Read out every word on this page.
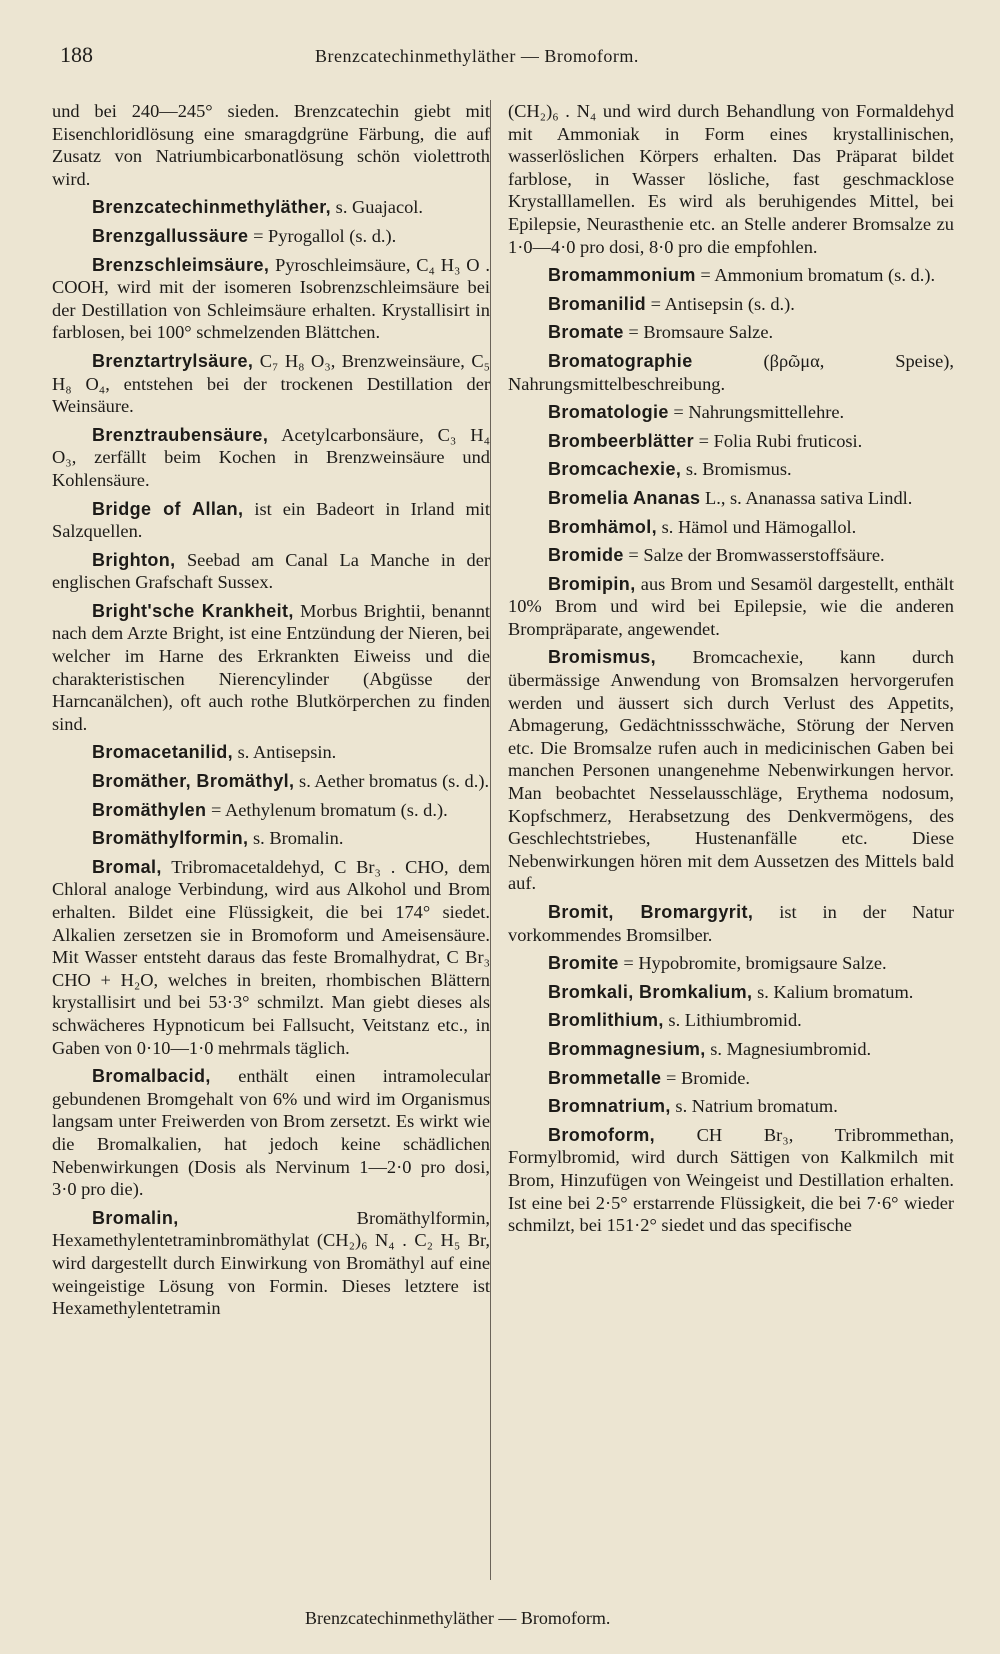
188	Brenzcatechinmethyläther — Bromoform.

und bei 240—245° sieden. Brenzcatechin giebt mit Eisenchloridlösung eine smaragdgrüne Färbung, die auf Zusatz von Natriumbicarbonatlösung schön violettroth wird.

Brenzcatechinmethyläther, s. Guajacol.

Brenzgallussäure = Pyrogallol (s. d.).

Brenzschleimsäure, Pyroschleimsäure, C₄ H₃ O . COOH, wird mit der isomeren Isobrenzschleimsäure bei der Destillation von Schleimsäure erhalten. Krystallisirt in farblosen, bei 100° schmelzenden Blättchen.

Brenztartrylsäure, C₇ H₈ O₃, Brenzweinsäure, C₅ H₈ O₄, entstehen bei der trockenen Destillation der Weinsäure.

Brenztraubensäure, Acetylcarbonsäure, C₃ H₄ O₃, zerfällt beim Kochen in Brenzweinsäure und Kohlensäure.

Bridge of Allan, ist ein Badeort in Irland mit Salzquellen.

Brighton, Seebad am Canal La Manche in der englischen Grafschaft Sussex.

Bright'sche Krankheit, Morbus Brightii, benannt nach dem Arzte Bright, ist eine Entzündung der Nieren, bei welcher im Harne des Erkrankten Eiweiss und die charakteristischen Nierencylinder (Abgüsse der Harncanälchen), oft auch rothe Blutkörperchen zu finden sind.

Bromacetanilid, s. Antisepsin.

Bromäther, Bromäthyl, s. Aether bromatus (s. d.).

Bromäthylen = Aethylenum bromatum (s. d.).

Bromäthylformin, s. Bromalin.

Bromal, Tribromacetaldehyd, C Br₃ . CHO, dem Chloral analoge Verbindung, wird aus Alkohol und Brom erhalten. Bildet eine Flüssigkeit, die bei 174° siedet. Alkalien zersetzen sie in Bromoform und Ameisensäure. Mit Wasser entsteht daraus das feste Bromalhydrat, C Br₃ CHO + H₂O, welches in breiten, rhombischen Blättern krystallisirt und bei 53·3° schmilzt. Man giebt dieses als schwächeres Hypnoticum bei Fallsucht, Veitstanz etc., in Gaben von 0·10—1·0 mehrmals täglich.

Bromalbacid, enthält einen intramolecular gebundenen Bromgehalt von 6% und wird im Organismus langsam unter Freiwerden von Brom zersetzt. Es wirkt wie die Bromalkalien, hat jedoch keine schädlichen Nebenwirkungen (Dosis als Nervinum 1—2·0 pro dosi, 3·0 pro die).

Bromalin, Bromäthylformin, Hexamethylentetraminbromäthylat (CH₂)₆ N₄ . C₂ H₅ Br, wird dargestellt durch Einwirkung von Bromäthyl auf eine weingeistige Lösung von Formin. Dieses letztere ist Hexamethylentetramin

(CH₂)₆ . N₄ und wird durch Behandlung von Formaldehyd mit Ammoniak in Form eines krystallinischen, wasserlöslichen Körpers erhalten. Das Präparat bildet farblose, in Wasser lösliche, fast geschmacklose Krystalllamellen. Es wird als beruhigendes Mittel, bei Epilepsie, Neurasthenie etc. an Stelle anderer Bromsalze zu 1·0—4·0 pro dosi, 8·0 pro die empfohlen.

Bromammonium = Ammonium bromatum (s. d.).

Bromanilid = Antisepsin (s. d.).

Bromate = Bromsaure Salze.

Bromatographie (βρῶμα, Speise), Nahrungsmittelbeschreibung.

Bromatologie = Nahrungsmittellehre.

Brombeerblätter = Folia Rubi fruticosi.

Bromcachexie, s. Bromismus.

Bromelia Ananas L., s. Ananassa sativa Lindl.

Bromhämol, s. Hämol und Hämogallol.

Bromide = Salze der Bromwasserstoffsäure.

Bromipin, aus Brom und Sesamöl dargestellt, enthält 10% Brom und wird bei Epilepsie, wie die anderen Brompräparate, angewendet.

Bromismus, Bromcachexie, kann durch übermässige Anwendung von Bromsalzen hervorgerufen werden und äussert sich durch Verlust des Appetits, Abmagerung, Gedächtnissschwäche, Störung der Nerven etc. Die Bromsalze rufen auch in medicinischen Gaben bei manchen Personen unangenehme Nebenwirkungen hervor. Man beobachtet Nesselausschläge, Erythema nodosum, Kopfschmerz, Herabsetzung des Denkvermögens, des Geschlechtstriebes, Hustenanfälle etc. Diese Nebenwirkungen hören mit dem Aussetzen des Mittels bald auf.

Bromit, Bromargyrit, ist in der Natur vorkommendes Bromsilber.

Bromite = Hypobromite, bromigsaure Salze.

Bromkali, Bromkalium, s. Kalium bromatum.

Bromlithium, s. Lithiumbromid.

Brommagnesium, s. Magnesiumbromid.

Brommetalle = Bromide.

Bromnatrium, s. Natrium bromatum.

Bromoform, CH Br₃, Tribrommethan, Formylbromid, wird durch Sättigen von Kalkmilch mit Brom, Hinzufügen von Weingeist und Destillation erhalten. Ist eine bei 2·5° erstarrende Flüssigkeit, die bei 7·6° wieder schmilzt, bei 151·2° siedet und das specifische

Brenzcatechinmethyläther — Bromoform.
